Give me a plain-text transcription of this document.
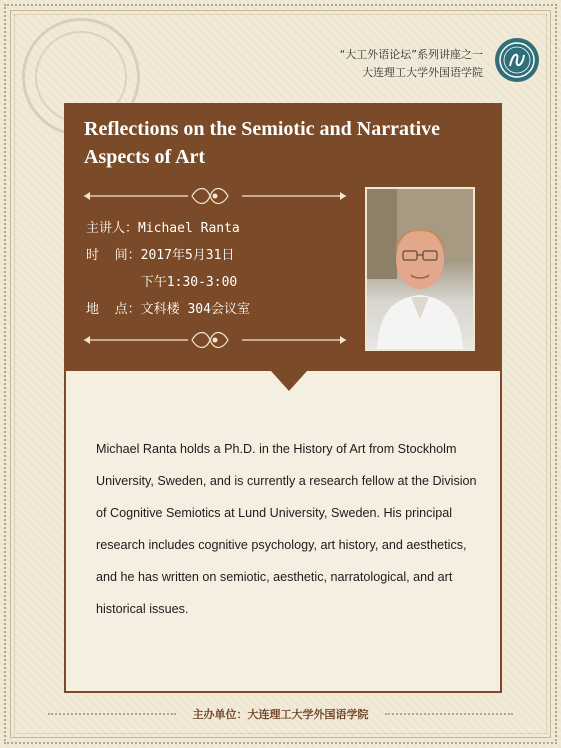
“大工外语论坛”系列讲座之一
大连理工大学外国语学院
Reflections on the Semiotic and Narrative Aspects of Art
主讲人：Michael Ranta
时  间：2017年5月31日
下午1:30-3:00
地  点：文科楼 304会议室
Michael Ranta holds a Ph.D. in the History of Art from Stockholm University, Sweden, and is currently a research fellow at the Division of Cognitive Semiotics at Lund University, Sweden. His principal research includes cognitive psychology, art history, and aesthetics, and he has written on semiotic, aesthetic, narratological, and art historical issues.
主办单位：大连理工大学外国语学院
